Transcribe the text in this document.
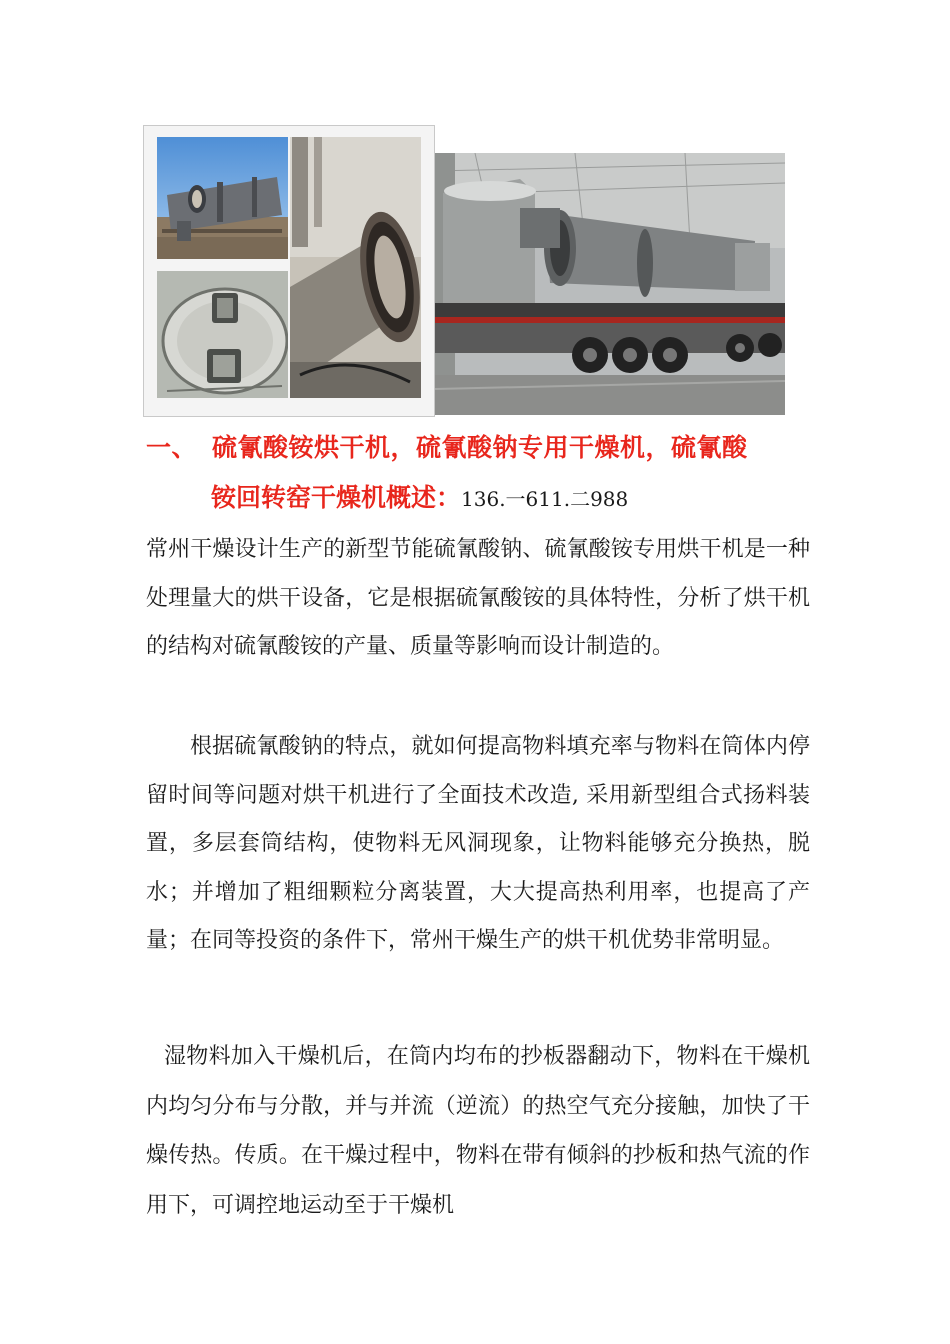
一、 硫氰酸铵烘干机，硫氰酸钠专用干燥机，硫氰酸
铵回转窑干燥机概述：136.一611.二988
常州干燥设计生产的新型节能硫氰酸钠、硫氰酸铵专用烘干机是一种处理量大的烘干设备，它是根据硫氰酸铵的具体特性，分析了烘干机的结构对硫氰酸铵的产量、质量等影响而设计制造的。
根据硫氰酸钠的特点，就如何提高物料填充率与物料在筒体内停留时间等问题对烘干机进行了全面技术改造, 采用新型组合式扬料装置，多层套筒结构，使物料无风洞现象，让物料能够充分换热，脱水；并增加了粗细颗粒分离装置，大大提高热利用率，也提高了产量；在同等投资的条件下，常州干燥生产的烘干机优势非常明显。
湿物料加入干燥机后，在筒内均布的抄板器翻动下，物料在干燥机内均匀分布与分散，并与并流（逆流）的热空气充分接触，加快了干燥传热。传质。在干燥过程中，物料在带有倾斜的抄板和热气流的作用下，可调控地运动至于干燥机
